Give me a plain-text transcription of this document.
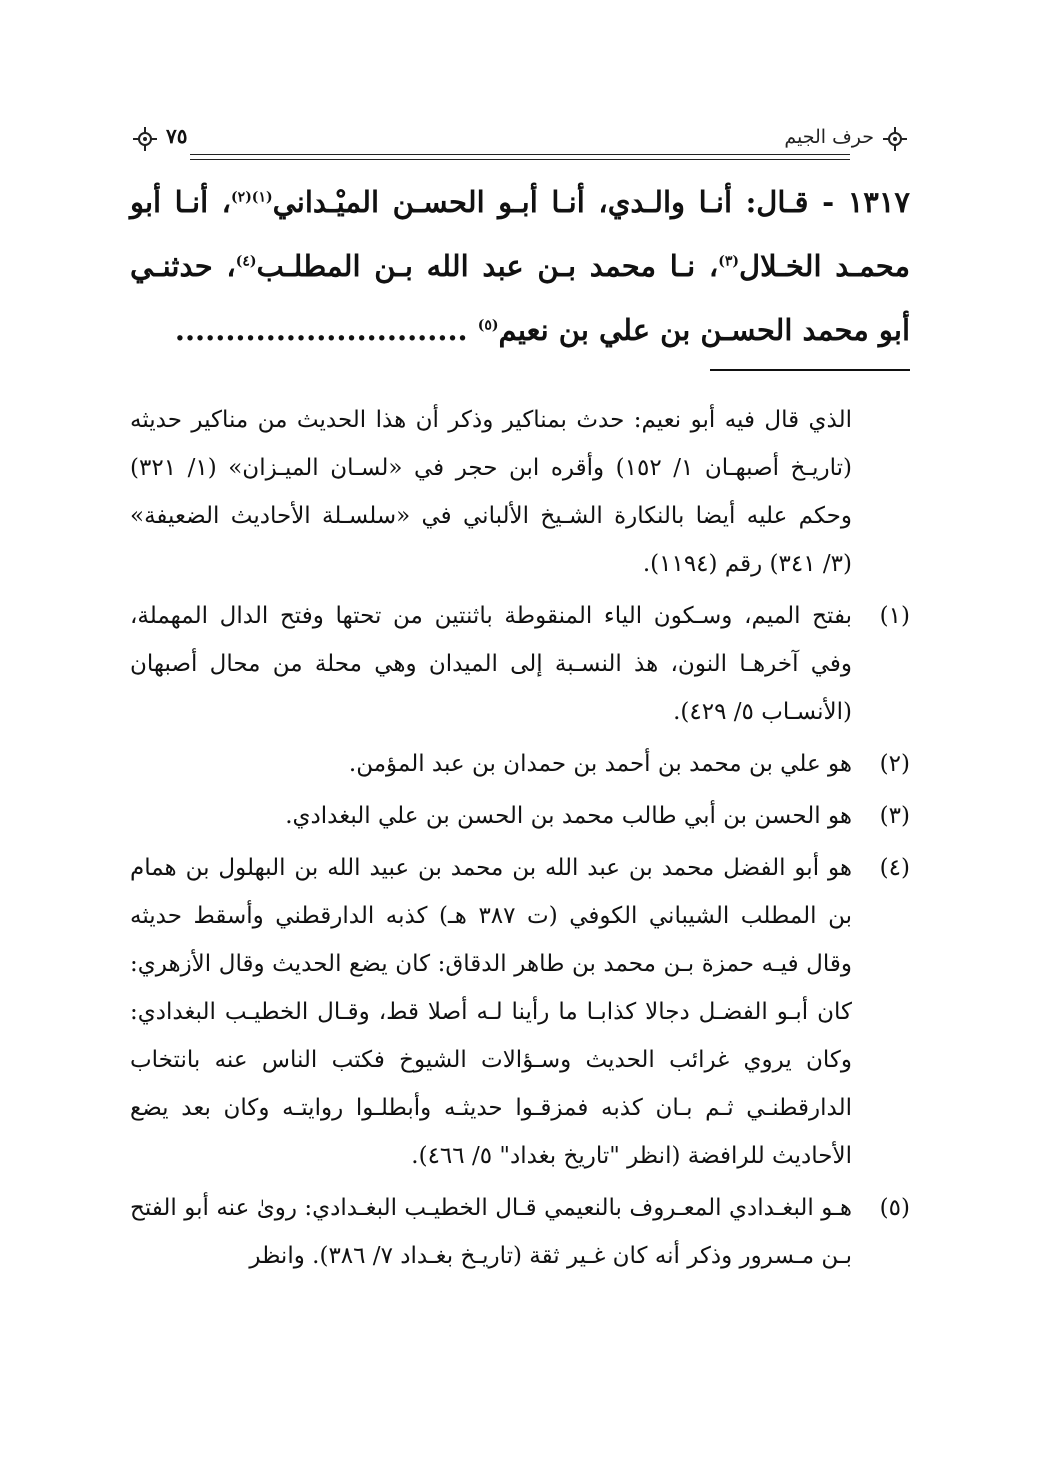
حرف الجيم
٧٥

١٣١٧ - قـال: أنـا والـدي، أنـا أبـو الحسـن الميْـداني$^{(١)(٢)}$، أنـا أبو محمـد الخـلال$^{(٣)}$، نـا محمد بـن عبد الله بـن المطلـب$^{(٤)}$، حدثنـي أبو محمد الحسـن بن علي بن نعيم$^{(٥)}$ .............................

الذي قال فيه أبو نعيم: حدث بمناكير وذكر أن هذا الحديث من مناكير حديثه (تاريـخ أصبهـان ١/ ١٥٢) وأقره ابن حجر في «لسـان الميـزان» (١/ ٣٢١) وحكم عليه أيضا بالنكارة الشـيخ الألباني في «سلسـلة الأحاديث الضعيفة» (٣/ ٣٤١) رقم (١١٩٤).

(١)
بفتح الميم، وسـكون الياء المنقوطة باثنتين من تحتها وفتح الدال المهملة، وفي آخرهـا النون، هذ النسـبة إلى الميدان وهي محلة من محال أصبهان (الأنسـاب ٥/ ٤٢٩).
(٢)
هو علي بن محمد بن أحمد بن حمدان بن عبد المؤمن.
(٣)
هو الحسن بن أبي طالب محمد بن الحسن بن علي البغدادي.
(٤)
هو أبو الفضل محمد بن عبد الله بن محمد بن عبيد الله بن البهلول بن همام بن المطلب الشيباني الكوفي (ت ٣٨٧ هـ) كذبه الدارقطني وأسقط حديثه وقال فيـه حمزة بـن محمد بن طاهر الدقاق: كان يضع الحديث وقال الأزهري: كان أبـو الفضـل دجالا كذابـا ما رأينا لـه أصلا قط، وقـال الخطيـب البغدادي: وكان يروي غرائب الحديث وسـؤالات الشيوخ فكتب الناس عنه بانتخاب الدارقطنـي ثـم بـان كذبه فمزقـوا حديثـه وأبطلـوا روايتـه وكان بعد يضع الأحاديث للرافضة (انظر "تاريخ بغداد" ٥/ ٤٦٦).
(٥)
هـو البغـدادي المعـروف بالنعيمي قـال الخطيـب البغـدادي: روىٰ عنه أبو الفتح بـن مـسرور وذكر أنه كان غـير ثقة (تاريـخ بغـداد ٧/ ٣٨٦). وانظر
